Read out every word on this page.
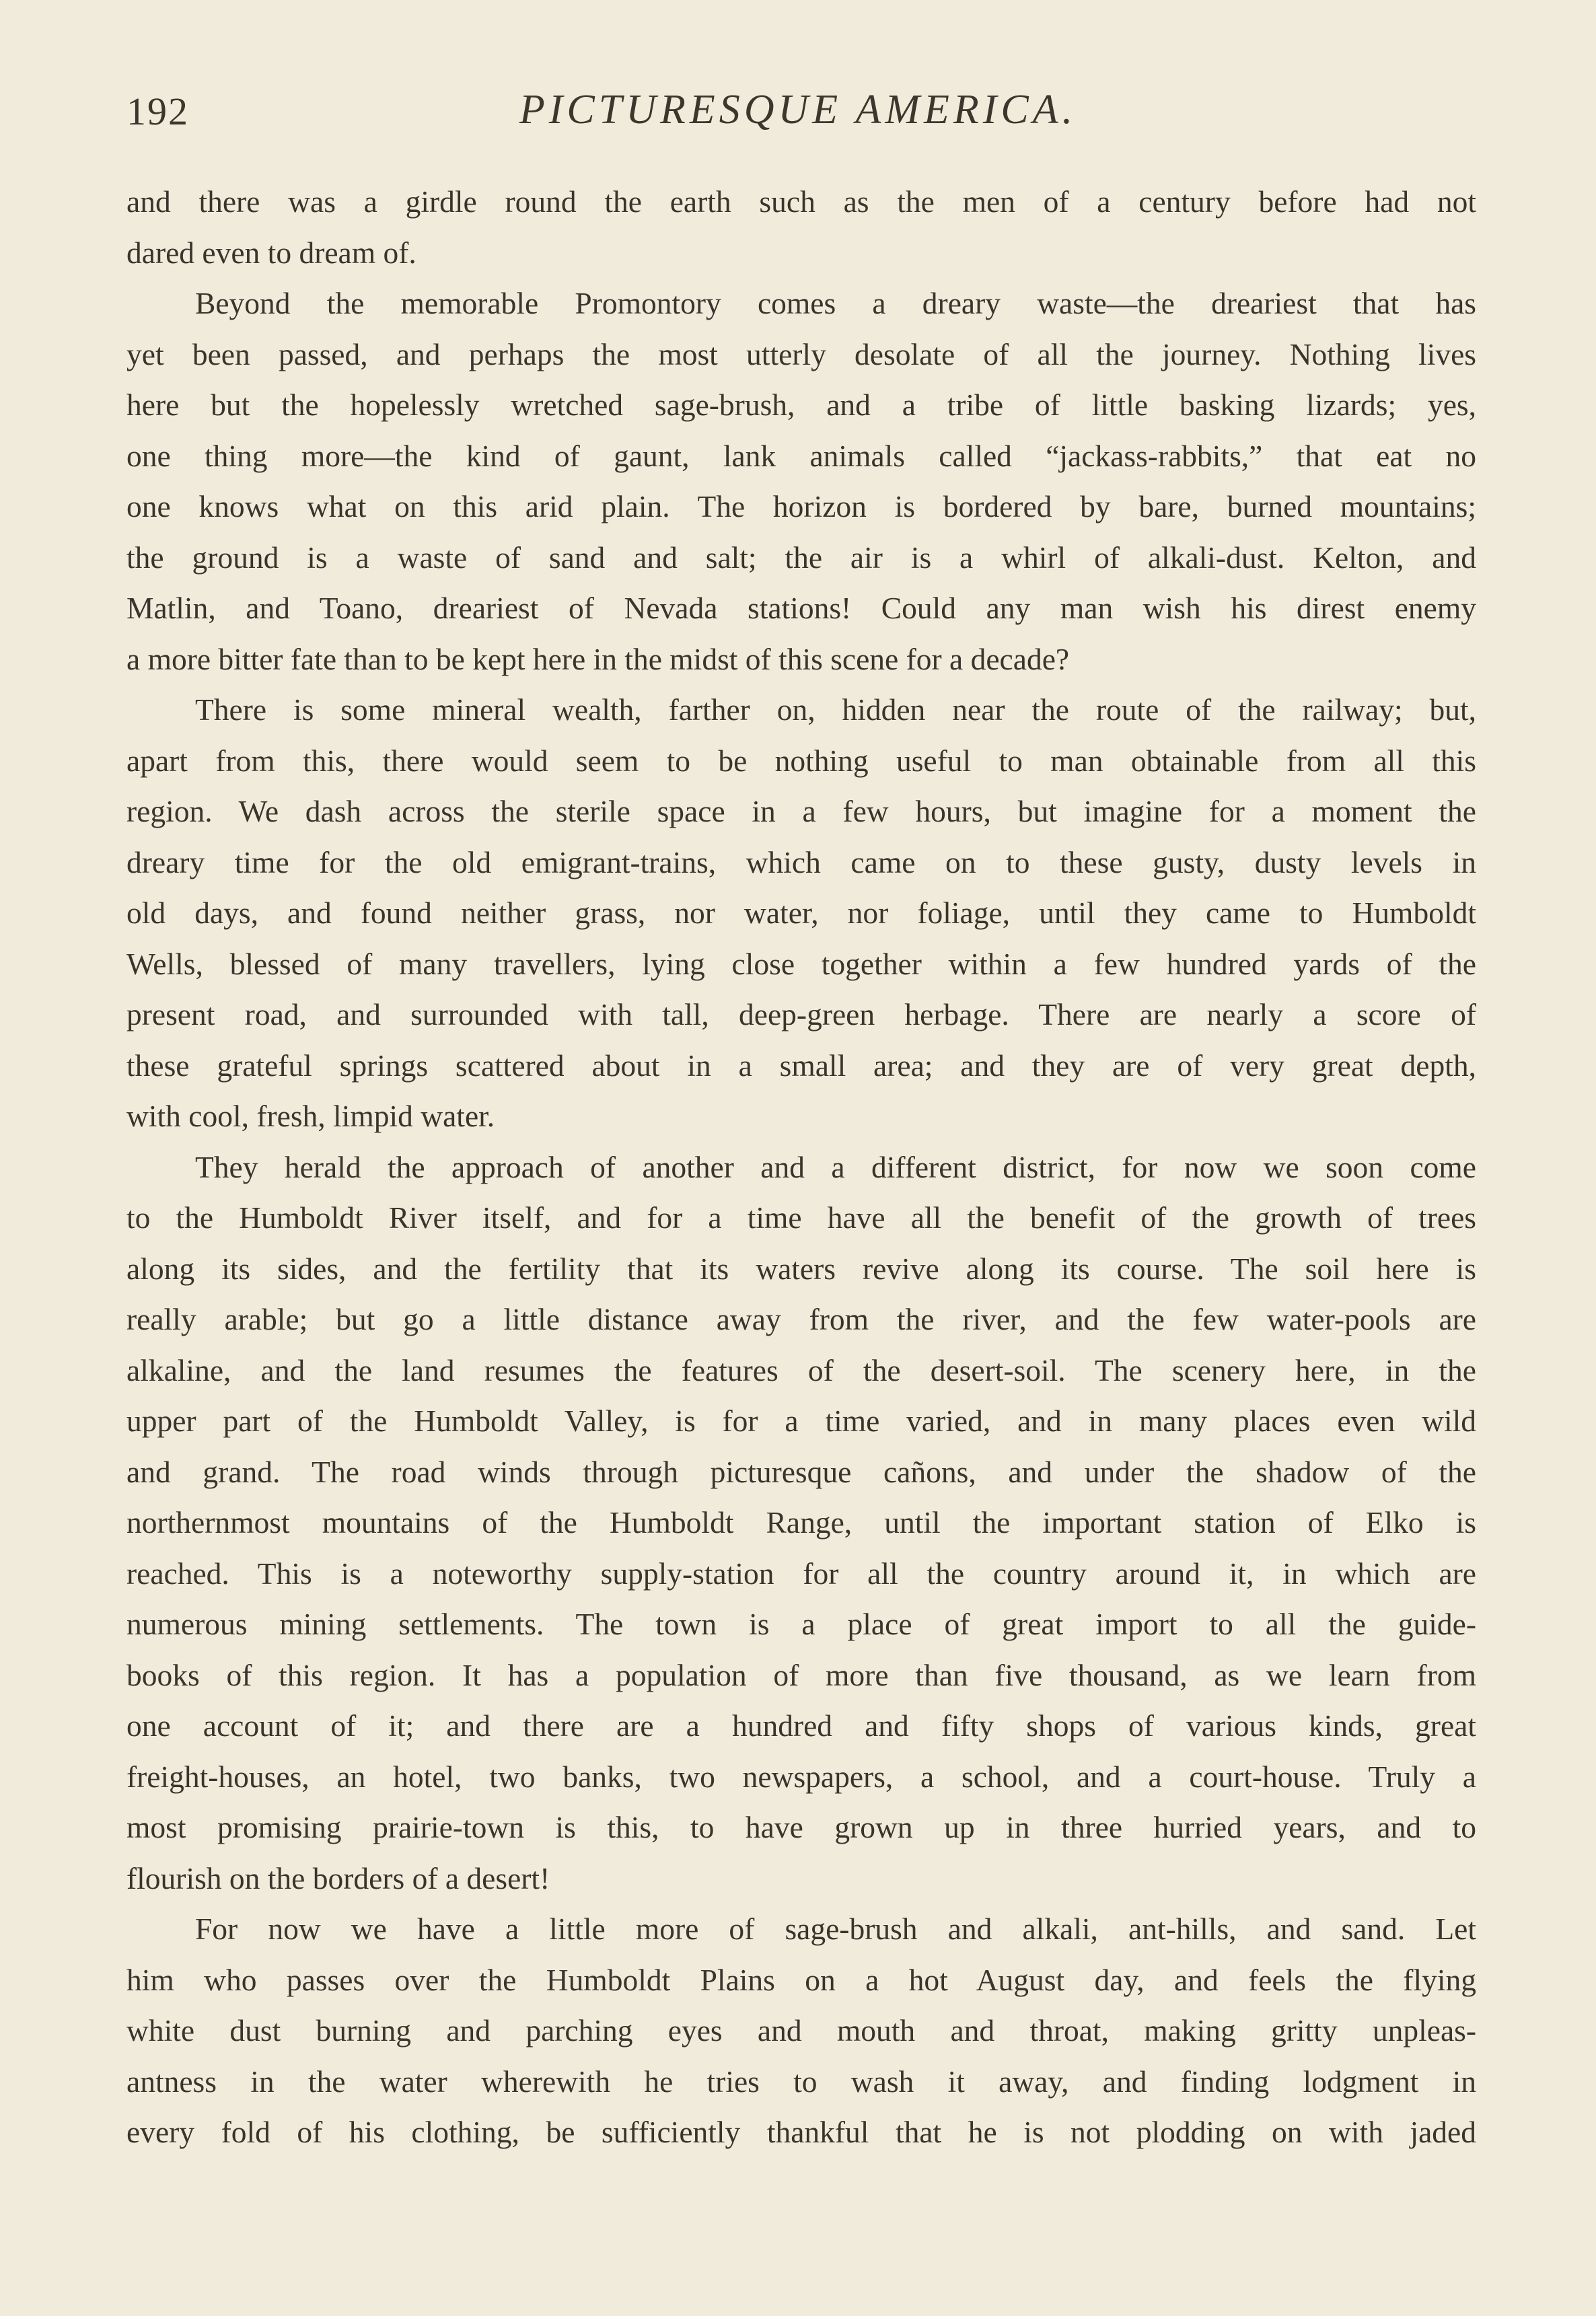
192	PICTURESQUE AMERICA.
and there was a girdle round the earth such as the men of a century before had not
dared even to dream of.
Beyond the memorable Promontory comes a dreary waste—the dreariest that has
yet been passed, and perhaps the most utterly desolate of all the journey. Nothing lives
here but the hopelessly wretched sage-brush, and a tribe of little basking lizards; yes,
one thing more—the kind of gaunt, lank animals called “jackass-rabbits,” that eat no
one knows what on this arid plain. The horizon is bordered by bare, burned mountains;
the ground is a waste of sand and salt; the air is a whirl of alkali-dust. Kelton, and
Matlin, and Toano, dreariest of Nevada stations! Could any man wish his direst enemy
a more bitter fate than to be kept here in the midst of this scene for a decade?
There is some mineral wealth, farther on, hidden near the route of the railway; but,
apart from this, there would seem to be nothing useful to man obtainable from all this
region. We dash across the sterile space in a few hours, but imagine for a moment the
dreary time for the old emigrant-trains, which came on to these gusty, dusty levels in
old days, and found neither grass, nor water, nor foliage, until they came to Humboldt
Wells, blessed of many travellers, lying close together within a few hundred yards of the
present road, and surrounded with tall, deep-green herbage. There are nearly a score of
these grateful springs scattered about in a small area; and they are of very great depth,
with cool, fresh, limpid water.
They herald the approach of another and a different district, for now we soon come
to the Humboldt River itself, and for a time have all the benefit of the growth of trees
along its sides, and the fertility that its waters revive along its course. The soil here is
really arable; but go a little distance away from the river, and the few water-pools are
alkaline, and the land resumes the features of the desert-soil. The scenery here, in the
upper part of the Humboldt Valley, is for a time varied, and in many places even wild
and grand. The road winds through picturesque cañons, and under the shadow of the
northernmost mountains of the Humboldt Range, until the important station of Elko is
reached. This is a noteworthy supply-station for all the country around it, in which are
numerous mining settlements. The town is a place of great import to all the guide-
books of this region. It has a population of more than five thousand, as we learn from
one account of it; and there are a hundred and fifty shops of various kinds, great
freight-houses, an hotel, two banks, two newspapers, a school, and a court-house. Truly a
most promising prairie-town is this, to have grown up in three hurried years, and to
flourish on the borders of a desert!
For now we have a little more of sage-brush and alkali, ant-hills, and sand. Let
him who passes over the Humboldt Plains on a hot August day, and feels the flying
white dust burning and parching eyes and mouth and throat, making gritty unpleas-
antness in the water wherewith he tries to wash it away, and finding lodgment in
every fold of his clothing, be sufficiently thankful that he is not plodding on with jaded
